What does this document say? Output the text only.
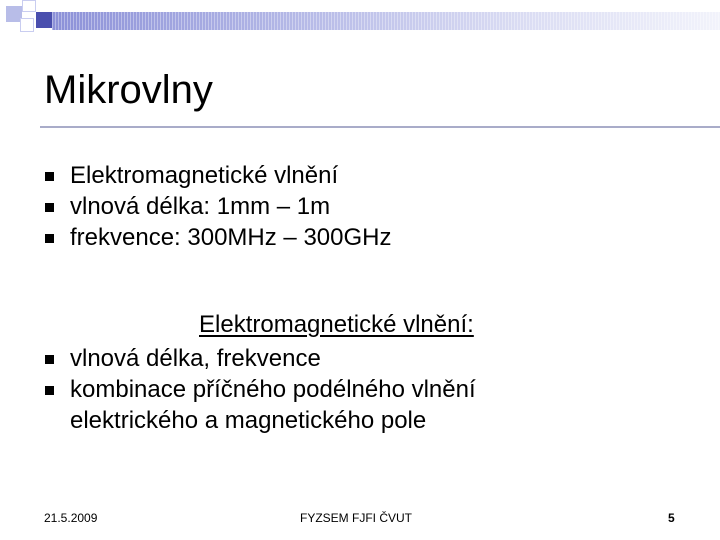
Mikrovlny
Elektromagnetické vlnění
vlnová délka: 1mm – 1m
frekvence: 300MHz – 300GHz
Elektromagnetické vlnění:
vlnová délka, frekvence
kombinace příčného podélného vlnění elektrického a magnetického pole
21.5.2009	FYZSEM FJFI ČVUT	5
